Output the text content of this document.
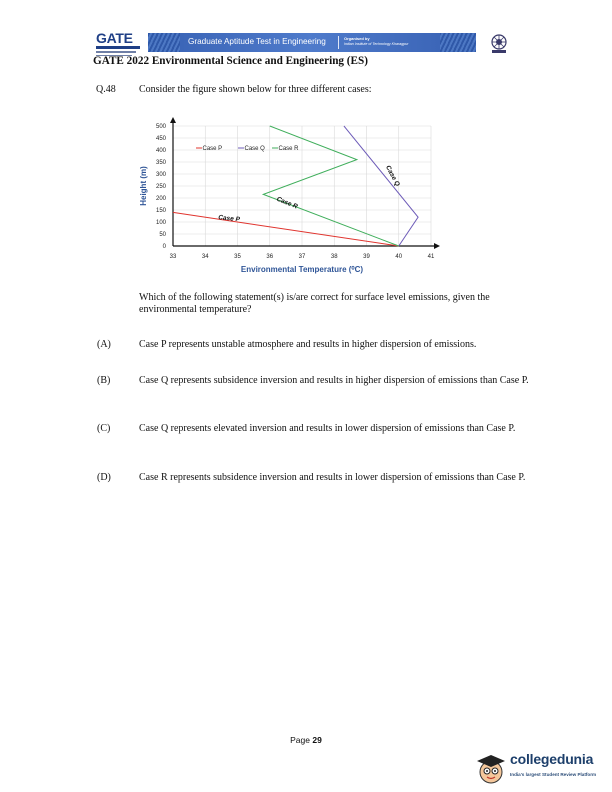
GATE	Graduate Aptitude Test in Engineering	Organised by
Indian Institute of Technology Kharagpur
GATE 2022 Environmental Science and Engineering (ES)
Q.48 Consider the figure shown below for three different cases:
33	34	35	36	37	38	39	40	41
0
50
100
150
200
250
300
350
400
450
500
Environmental Temperature (⁰C)
Height (m)
Case P	Case Q Case R
Case P
Case R
Case Q
Which of the following statement(s) is/are correct for surface level emissions, given the environmental temperature?
(A)	Case P represents unstable atmosphere and results in higher dispersion of emissions.
(B)	Case Q represents subsidence inversion and results in higher dispersion of emissions than Case P.
(C)	Case Q represents elevated inversion and results in lower dispersion of emissions than Case P.
(D)	Case R represents subsidence inversion and results in lower dispersion of emissions than Case P.
Page 29
collegedunia
India's largest Student Review Platform
